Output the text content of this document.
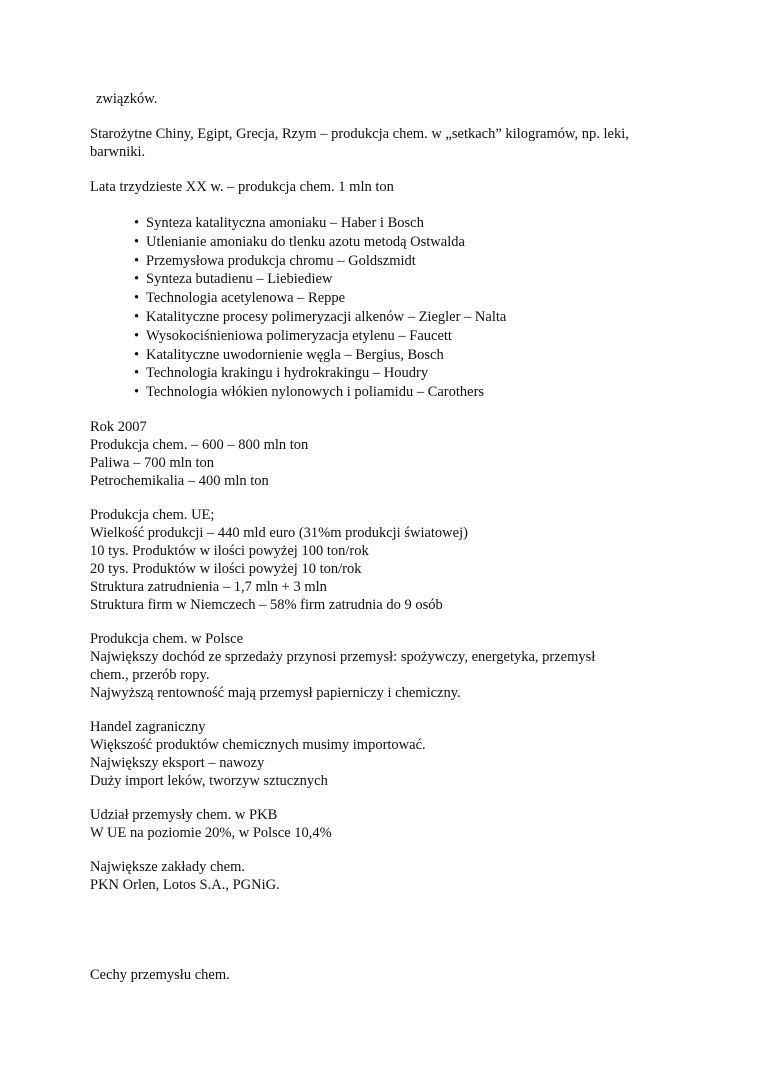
związków.
Starożytne Chiny, Egipt, Grecja, Rzym – produkcja chem. w „setkach” kilogramów, np. leki,
barwniki.
Lata trzydzieste XX w. – produkcja chem. 1 mln ton
• Synteza katalityczna amoniaku – Haber i Bosch
• Utlenianie amoniaku do tlenku azotu metodą Ostwalda
• Przemysłowa produkcja chromu – Goldszmidt
• Synteza butadienu – Liebiediew
• Technologia acetylenowa – Reppe
• Katalityczne procesy polimeryzacji alkenów – Ziegler – Nalta
• Wysokociśnieniowa polimeryzacja etylenu – Faucett
• Katalityczne uwodornienie węgla – Bergius, Bosch
• Technologia krakingu i hydrokrakingu – Houdry
• Technologia włókien nylonowych i poliamidu – Carothers
Rok 2007
Produkcja chem. – 600 – 800 mln ton
Paliwa – 700 mln ton
Petrochemikalia – 400 mln ton
Produkcja chem. UE;
Wielkość produkcji – 440 mld euro (31%m produkcji światowej)
10 tys. Produktów w ilości powyżej 100 ton/rok
20 tys. Produktów w ilości powyżej 10 ton/rok
Struktura zatrudnienia – 1,7 mln + 3 mln
Struktura firm w Niemczech – 58% firm zatrudnia do 9 osób
Produkcja chem. w Polsce
Największy dochód ze sprzedaży przynosi przemysł: spożywczy, energetyka, przemysł
chem., przerób ropy.
Najwyższą rentowność mają przemysł papierniczy i chemiczny.
Handel zagraniczny
Większość produktów chemicznych musimy importować.
Największy eksport – nawozy
Duży import leków, tworzyw sztucznych
Udział przemysły chem. w PKB
W UE na poziomie 20%, w Polsce 10,4%
Największe zakłady chem.
PKN Orlen, Lotos S.A., PGNiG.
Cechy przemysłu chem.
